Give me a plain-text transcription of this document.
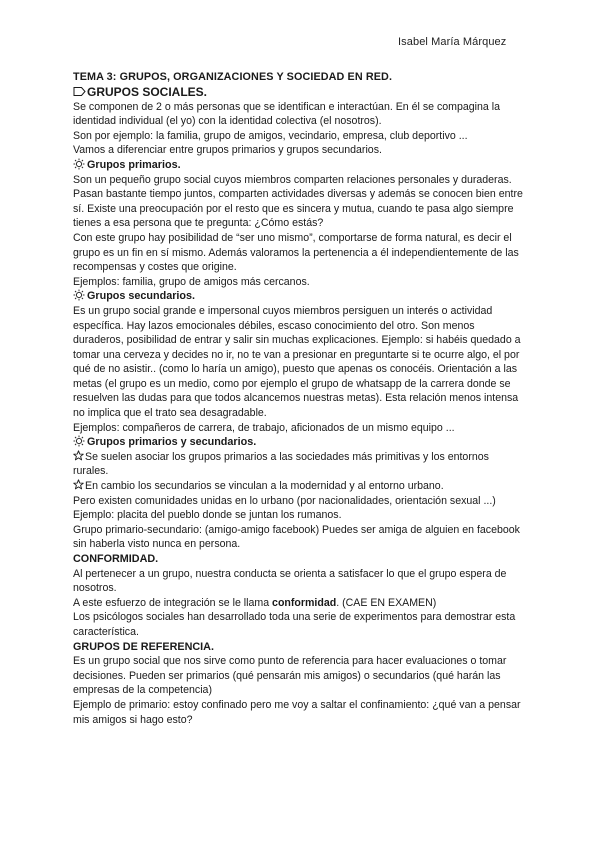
Isabel María Márquez

TEMA 3: GRUPOS, ORGANIZACIONES Y SOCIEDAD EN RED.

GRUPOS SOCIALES.

Se componen de 2 o más personas que se identifican e interactúan. En él se compagina la identidad individual (el yo) con la identidad colectiva (el nosotros).

Son por ejemplo: la familia, grupo de amigos, vecindario, empresa, club deportivo ...

Vamos a diferenciar entre grupos primarios y grupos secundarios.

Grupos primarios.

Son un pequeño grupo social cuyos miembros comparten relaciones personales y duraderas. Pasan bastante tiempo juntos, comparten actividades diversas y además se conocen bien entre sí. Existe una preocupación por el resto que es sincera y mutua, cuando te pasa algo siempre tienes a esa persona que te pregunta: ¿Cómo estás?

Con este grupo hay posibilidad de “ser uno mismo”, comportarse de forma natural, es decir el grupo es un fin en sí mismo. Además valoramos la pertenencia a él independientemente de las recompensas y costes que origine.

Ejemplos: familia, grupo de amigos más cercanos.

Grupos secundarios.

Es un grupo social grande e impersonal cuyos miembros persiguen un interés o actividad específica. Hay lazos emocionales débiles, escaso conocimiento del otro. Son menos duraderos, posibilidad de entrar y salir sin muchas explicaciones. Ejemplo: si habéis quedado a tomar una cerveza y decides no ir, no te van a presionar en preguntarte si te ocurre algo, el por qué de no asistir.. (como lo haría un amigo), puesto que apenas os conocéis. Orientación a las metas (el grupo es un medio, como por ejemplo el grupo de whatsapp de la carrera donde se resuelven las dudas para que todos alcancemos nuestras metas). Esta relación menos intensa no implica que el trato sea desagradable.

Ejemplos: compañeros de carrera, de trabajo, aficionados de un mismo equipo ...

Grupos primarios y secundarios.

Se suelen asociar los grupos primarios a las sociedades más primitivas y los entornos rurales.

En cambio los secundarios se vinculan a la modernidad y al entorno urbano.

Pero existen comunidades unidas en lo urbano (por nacionalidades, orientación sexual ...)

Ejemplo: placita del pueblo donde se juntan los rumanos.

Grupo primario-secundario: (amigo-amigo facebook) Puedes ser amiga de alguien en facebook sin haberla visto nunca en persona.

CONFORMIDAD.

Al pertenecer a un grupo, nuestra conducta se orienta a satisfacer lo que el grupo espera de nosotros.

A este esfuerzo de integración se le llama conformidad. (CAE EN EXAMEN)

Los psicólogos sociales han desarrollado toda una serie de experimentos para demostrar esta característica.

GRUPOS DE REFERENCIA.

Es un grupo social que nos sirve como punto de referencia para hacer evaluaciones o tomar decisiones. Pueden ser primarios (qué pensarán mis amigos) o secundarios (qué harán las empresas de la competencia)

Ejemplo de primario: estoy confinado pero me voy a saltar el confinamiento: ¿qué van a pensar mis amigos si hago esto?
